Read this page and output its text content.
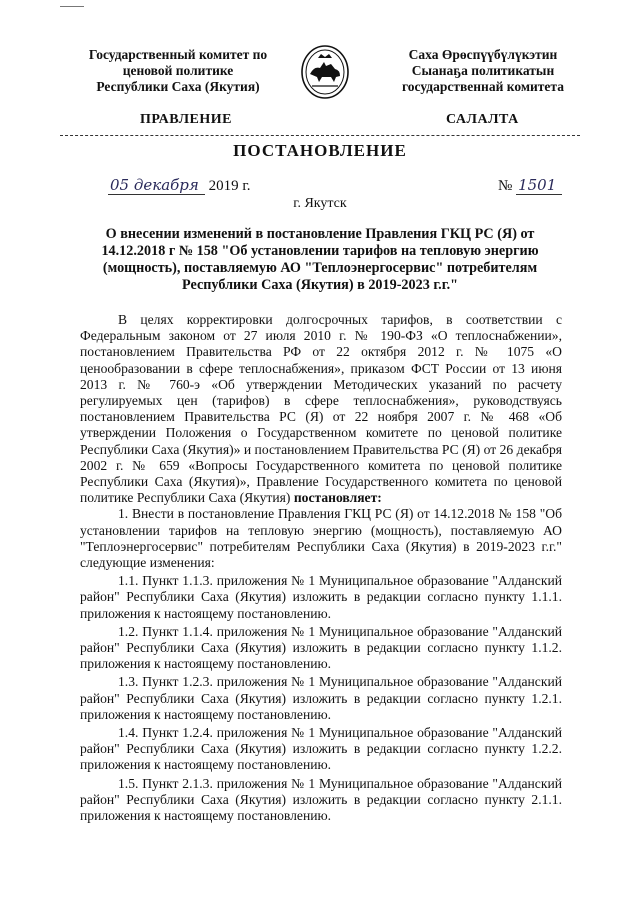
Государственный комитет по
ценовой политике
Республики Саха (Якутия)
Саха Өрөспүүбүлүкэтин
Сыанаҕа политикатын
государственнай комитета
ПРАВЛЕНИЕ	САЛАЛТА
ПОСТАНОВЛЕНИЕ
05 декабря 2019 г.	№ 1501
г. Якутск
О внесении изменений в постановление Правления ГКЦ РС (Я) от 14.12.2018 г № 158 "Об установлении тарифов на тепловую энергию (мощность), поставляемую АО "Теплоэнергосервис" потребителям Республики Саха (Якутия) в 2019-2023 г.г."

В целях корректировки долгосрочных тарифов, в соответствии с Федеральным законом от 27 июля 2010 г. № 190-ФЗ «О теплоснабжении», постановлением Правительства РФ от 22 октября 2012 г. № 1075 «О ценообразовании в сфере теплоснабжения», приказом ФСТ России от 13 июня 2013 г. № 760-э «Об утверждении Методических указаний по расчету регулируемых цен (тарифов) в сфере теплоснабжения», руководствуясь постановлением Правительства РС (Я) от 22 ноября 2007 г. № 468 «Об утверждении Положения о Государственном комитете по ценовой политике Республики Саха (Якутия)» и постановлением Правительства РС (Я) от 26 декабря 2002 г. № 659 «Вопросы Государственного комитета по ценовой политике Республики Саха (Якутия)», Правление Государственного комитета по ценовой политике Республики Саха (Якутия) постановляет:

1. Внести в постановление Правления ГКЦ РС (Я) от 14.12.2018 № 158 "Об установлении тарифов на тепловую энергию (мощность), поставляемую АО "Теплоэнергосервис" потребителям Республики Саха (Якутия) в 2019-2023 г.г." следующие изменения:

1.1. Пункт 1.1.3. приложения № 1 Муниципальное образование "Алданский район" Республики Саха (Якутия) изложить в редакции согласно пункту 1.1.1. приложения к настоящему постановлению.

1.2. Пункт 1.1.4. приложения № 1 Муниципальное образование "Алданский район" Республики Саха (Якутия) изложить в редакции согласно пункту 1.1.2. приложения к настоящему постановлению.

1.3. Пункт 1.2.3. приложения № 1 Муниципальное образование "Алданский район" Республики Саха (Якутия) изложить в редакции согласно пункту 1.2.1. приложения к настоящему постановлению.

1.4. Пункт 1.2.4. приложения № 1 Муниципальное образование "Алданский район" Республики Саха (Якутия) изложить в редакции согласно пункту 1.2.2. приложения к настоящему постановлению.

1.5. Пункт 2.1.3. приложения № 1 Муниципальное образование "Алданский район" Республики Саха (Якутия) изложить в редакции согласно пункту 2.1.1. приложения к настоящему постановлению.
